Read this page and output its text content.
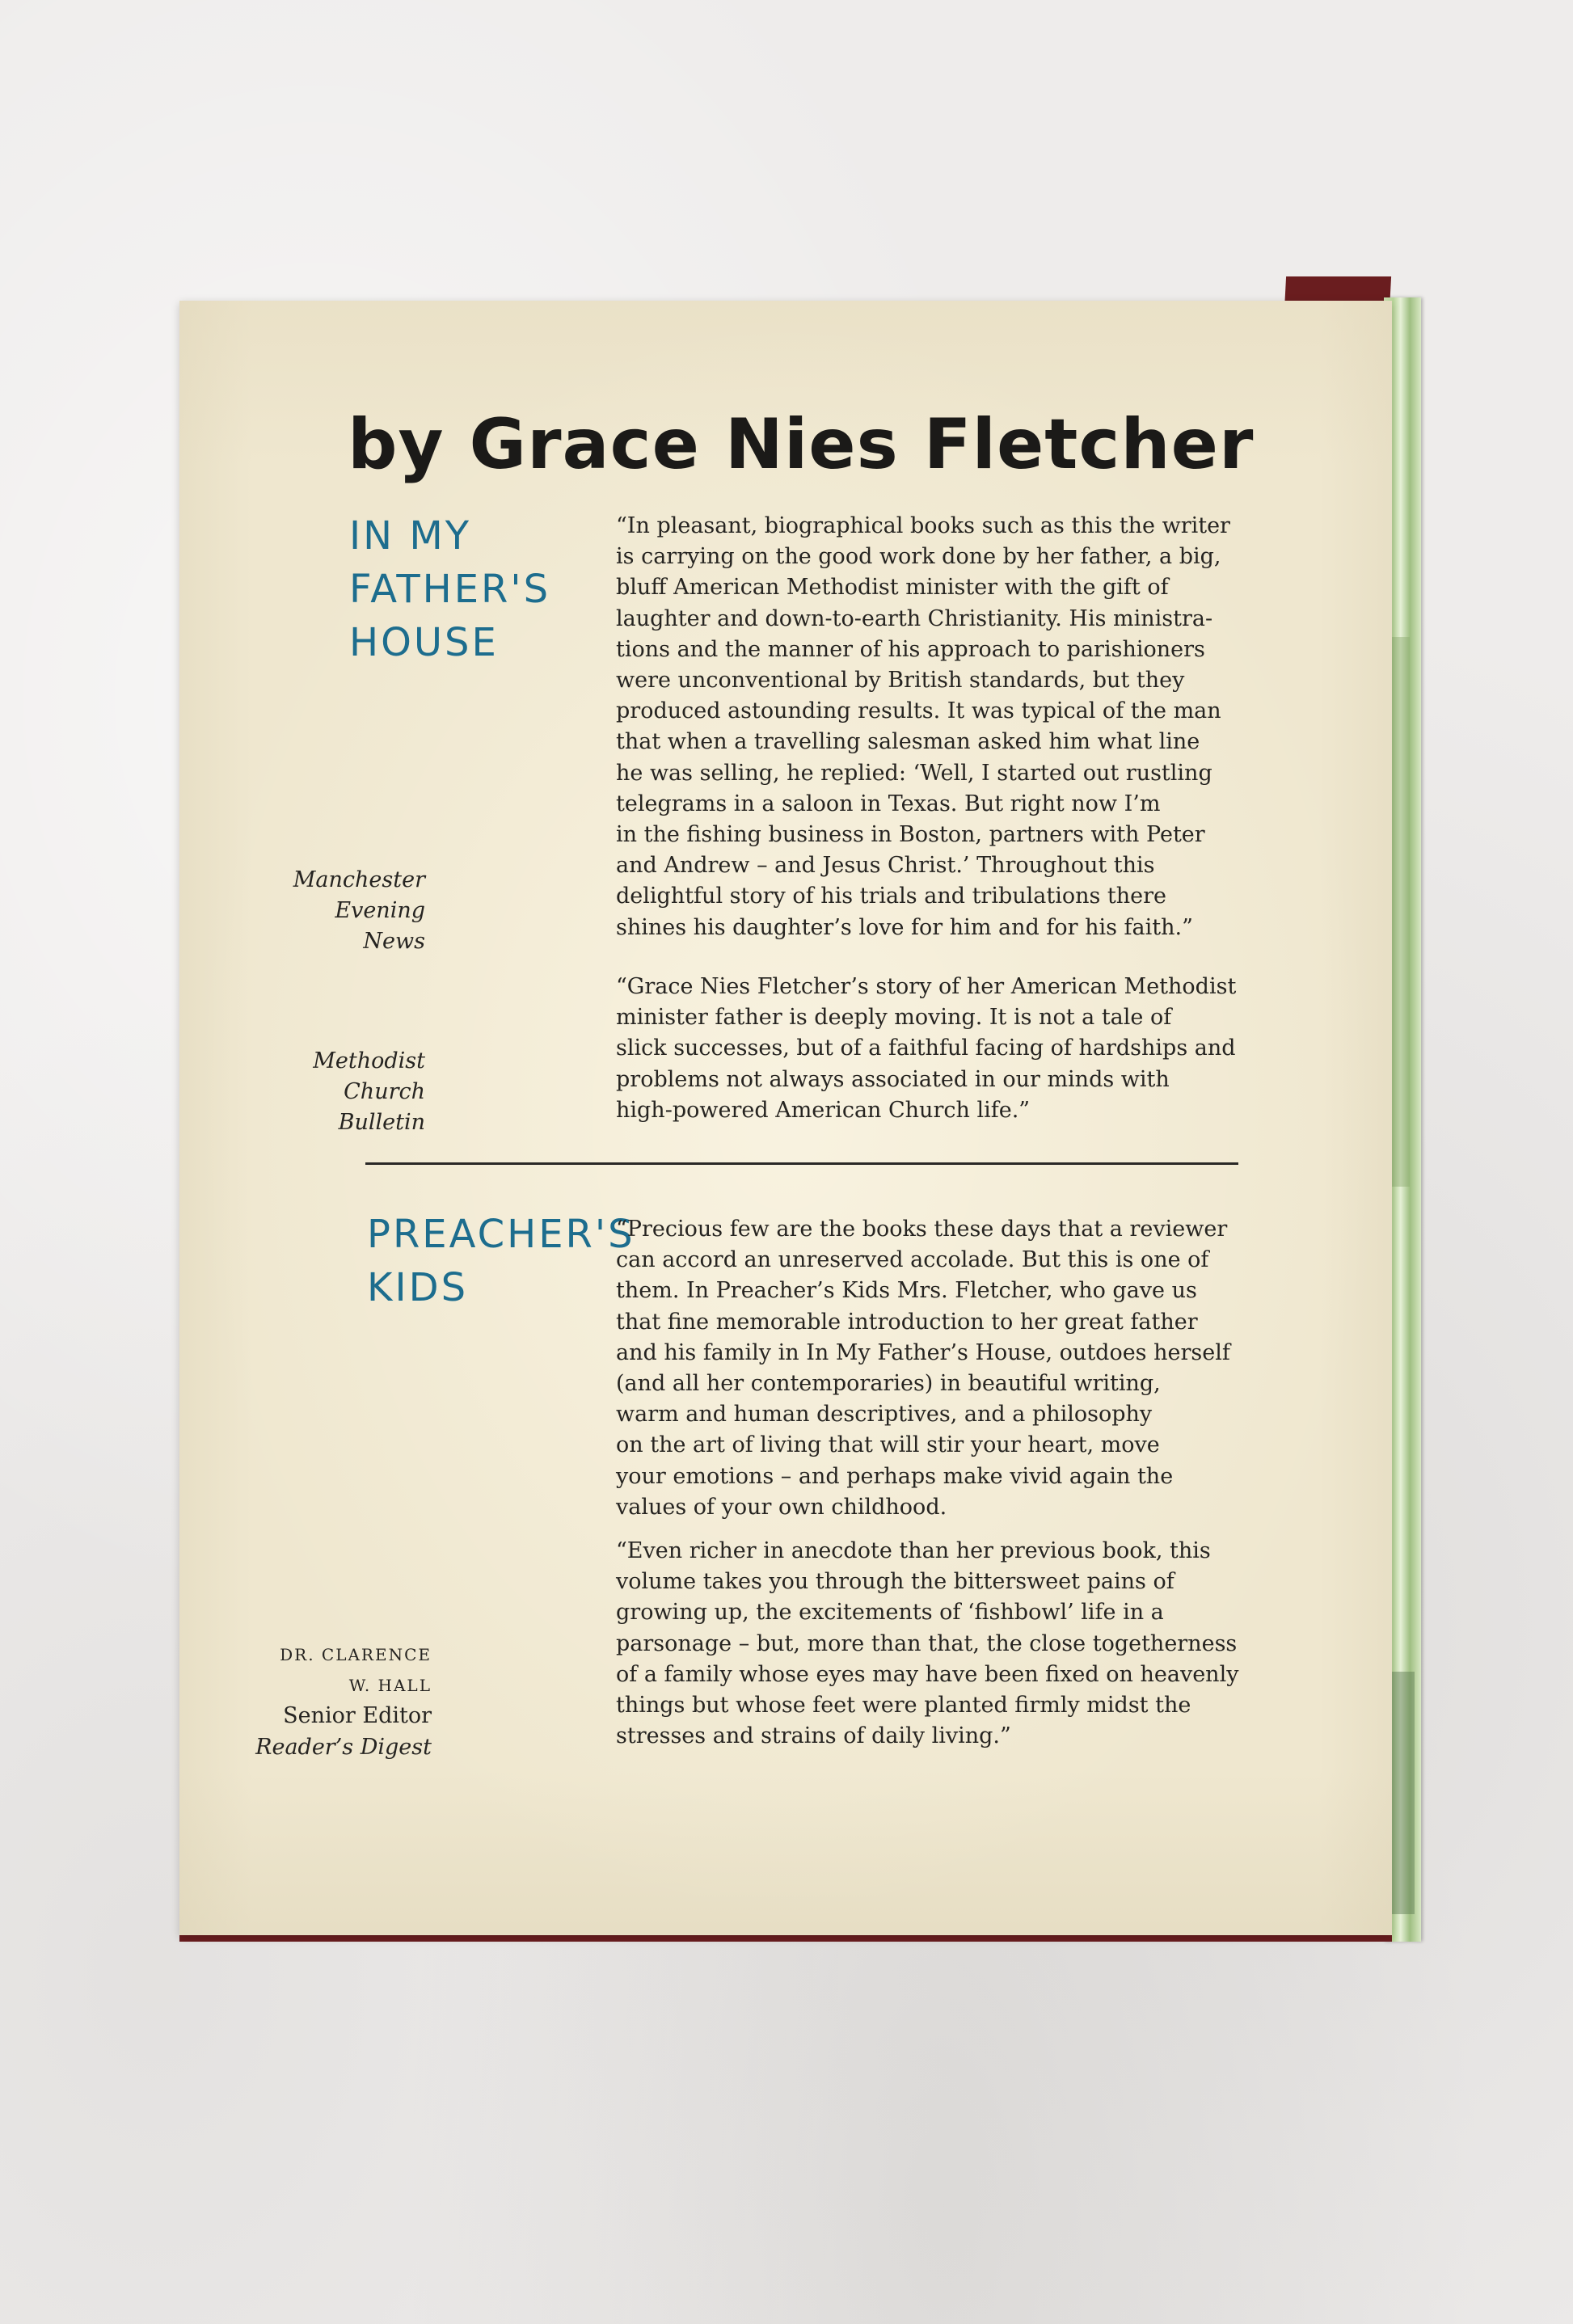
by Grace Nies Fletcher
IN MY
FATHER'S
HOUSE
“In pleasant, biographical books such as this the writer
is carrying on the good work done by her father, a big,
bluff American Methodist minister with the gift of
laughter and down-to-earth Christianity. His ministra-
tions and the manner of his approach to parishioners
were unconventional by British standards, but they
produced astounding results. It was typical of the man
that when a travelling salesman asked him what line
he was selling, he replied: ‘Well, I started out rustling
telegrams in a saloon in Texas. But right now I’m
in the fishing business in Boston, partners with Peter
and Andrew – and Jesus Christ.’ Throughout this
delightful story of his trials and tribulations there
shines his daughter’s love for him and for his faith.”
Manchester
Evening
News
“Grace Nies Fletcher’s story of her American Methodist
minister father is deeply moving. It is not a tale of
slick successes, but of a faithful facing of hardships and
problems not always associated in our minds with
high-powered American Church life.”
Methodist
Church
Bulletin
PREACHER'S
KIDS
“Precious few are the books these days that a reviewer
can accord an unreserved accolade. But this is one of
them. In Preacher’s Kids Mrs. Fletcher, who gave us
that fine memorable introduction to her great father
and his family in In My Father’s House, outdoes herself
(and all her contemporaries) in beautiful writing,
warm and human descriptives, and a philosophy
on the art of living that will stir your heart, move
your emotions – and perhaps make vivid again the
values of your own childhood.
“Even richer in anecdote than her previous book, this
volume takes you through the bittersweet pains of
growing up, the excitements of ‘fishbowl’ life in a
parsonage – but, more than that, the close togetherness
of a family whose eyes may have been fixed on heavenly
things but whose feet were planted firmly midst the
stresses and strains of daily living.”
DR. CLARENCE
W. HALL
Senior Editor
Reader’s Digest
